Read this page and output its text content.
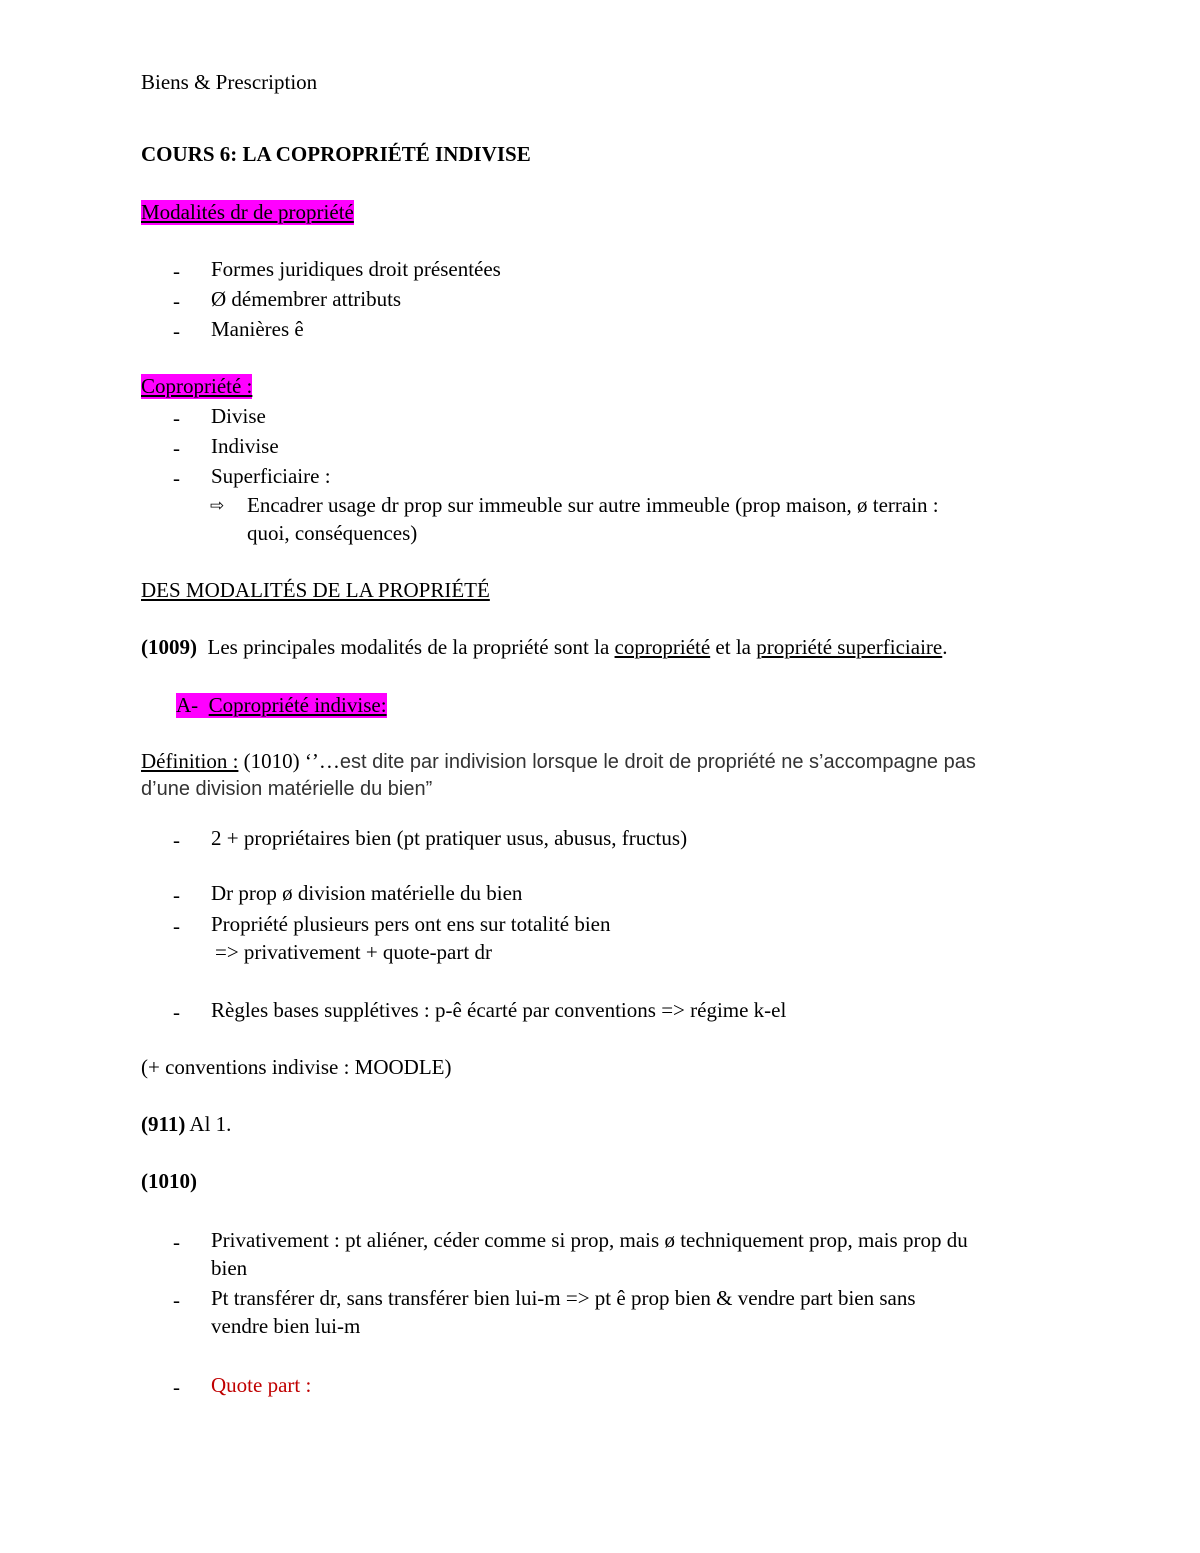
Biens & Prescription
COURS 6: LA COPROPRIÉTÉ INDIVISE
Modalités dr de propriété
- Formes juridiques droit présentées
- Ø démembrer attributs
- Manières ê
Copropriété :
- Divise
- Indivise
- Superficiaire :
⇨ Encadrer usage dr prop sur immeuble sur autre immeuble (prop maison, ø terrain :
quoi, conséquences)
DES MODALITÉS DE LA PROPRIÉTÉ
(1009)  Les principales modalités de la propriété sont la copropriété et la propriété superficiaire.
A- Copropriété indivise:
Définition : (1010) ‘’…est dite par indivision lorsque le droit de propriété ne s’accompagne pas
d’une division matérielle du bien”
- 2 + propriétaires bien (pt pratiquer usus, abusus, fructus)
- Dr prop ø division matérielle du bien
- Propriété plusieurs pers ont ens sur totalité bien
=> privativement + quote-part dr
- Règles bases supplétives : p-ê écarté par conventions => régime k-el
(+ conventions indivise : MOODLE)
(911) Al 1.
(1010)
- Privativement : pt aliéner, céder comme si prop, mais ø techniquement prop, mais prop du
bien
- Pt transférer dr, sans transférer bien lui-m => pt ê prop bien & vendre part bien sans
vendre bien lui-m
- Quote part :
